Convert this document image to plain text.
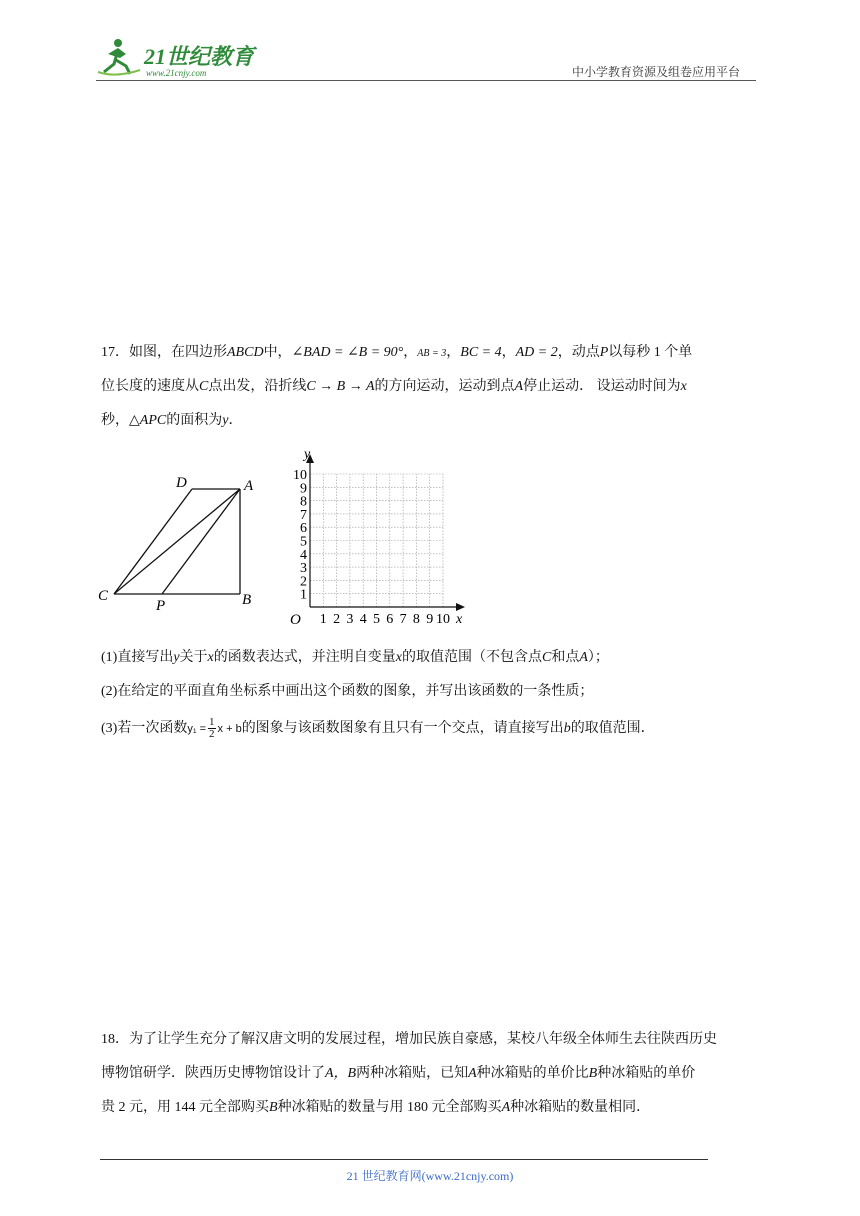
21世纪教育
www.21cnjy.com	中小学教育资源及组卷应用平台
17．如图，在四边形ABCD中，∠BAD = ∠B = 90°，AB = 3，BC = 4，AD = 2，动点P以每秒 1 个单
位长度的速度从C点出发，沿折线C → B → A的方向运动，运动到点A停止运动． 设运动时间为x
秒，△APC的面积为y．
D	A
C
P	B
y
x
O
1
2
3
4
5
6
7
8
9
10
1 2 3 4 5 6 7 8 9 10
(1)直接写出y关于x的函数表达式，并注明自变量x的取值范围（不包含点C和点A）；
(2)在给定的平面直角坐标系中画出这个函数的图象，并写出该函数的一条性质；
(3)若一次函数$y_1 = \frac{1}{2}$ x + b的图象与该函数图象有且只有一个交点，请直接写出b的取值范围．
18．为了让学生充分了解汉唐文明的发展过程，增加民族自豪感，某校八年级全体师生去往陕西历史
博物馆研学．陕西历史博物馆设计了A，B两种冰箱贴，已知A种冰箱贴的单价比B种冰箱贴的单价
贵 2 元，用 144 元全部购买B种冰箱贴的数量与用 180 元全部购买A种冰箱贴的数量相同．
21 世纪教育网(www.21cnjy.com)
